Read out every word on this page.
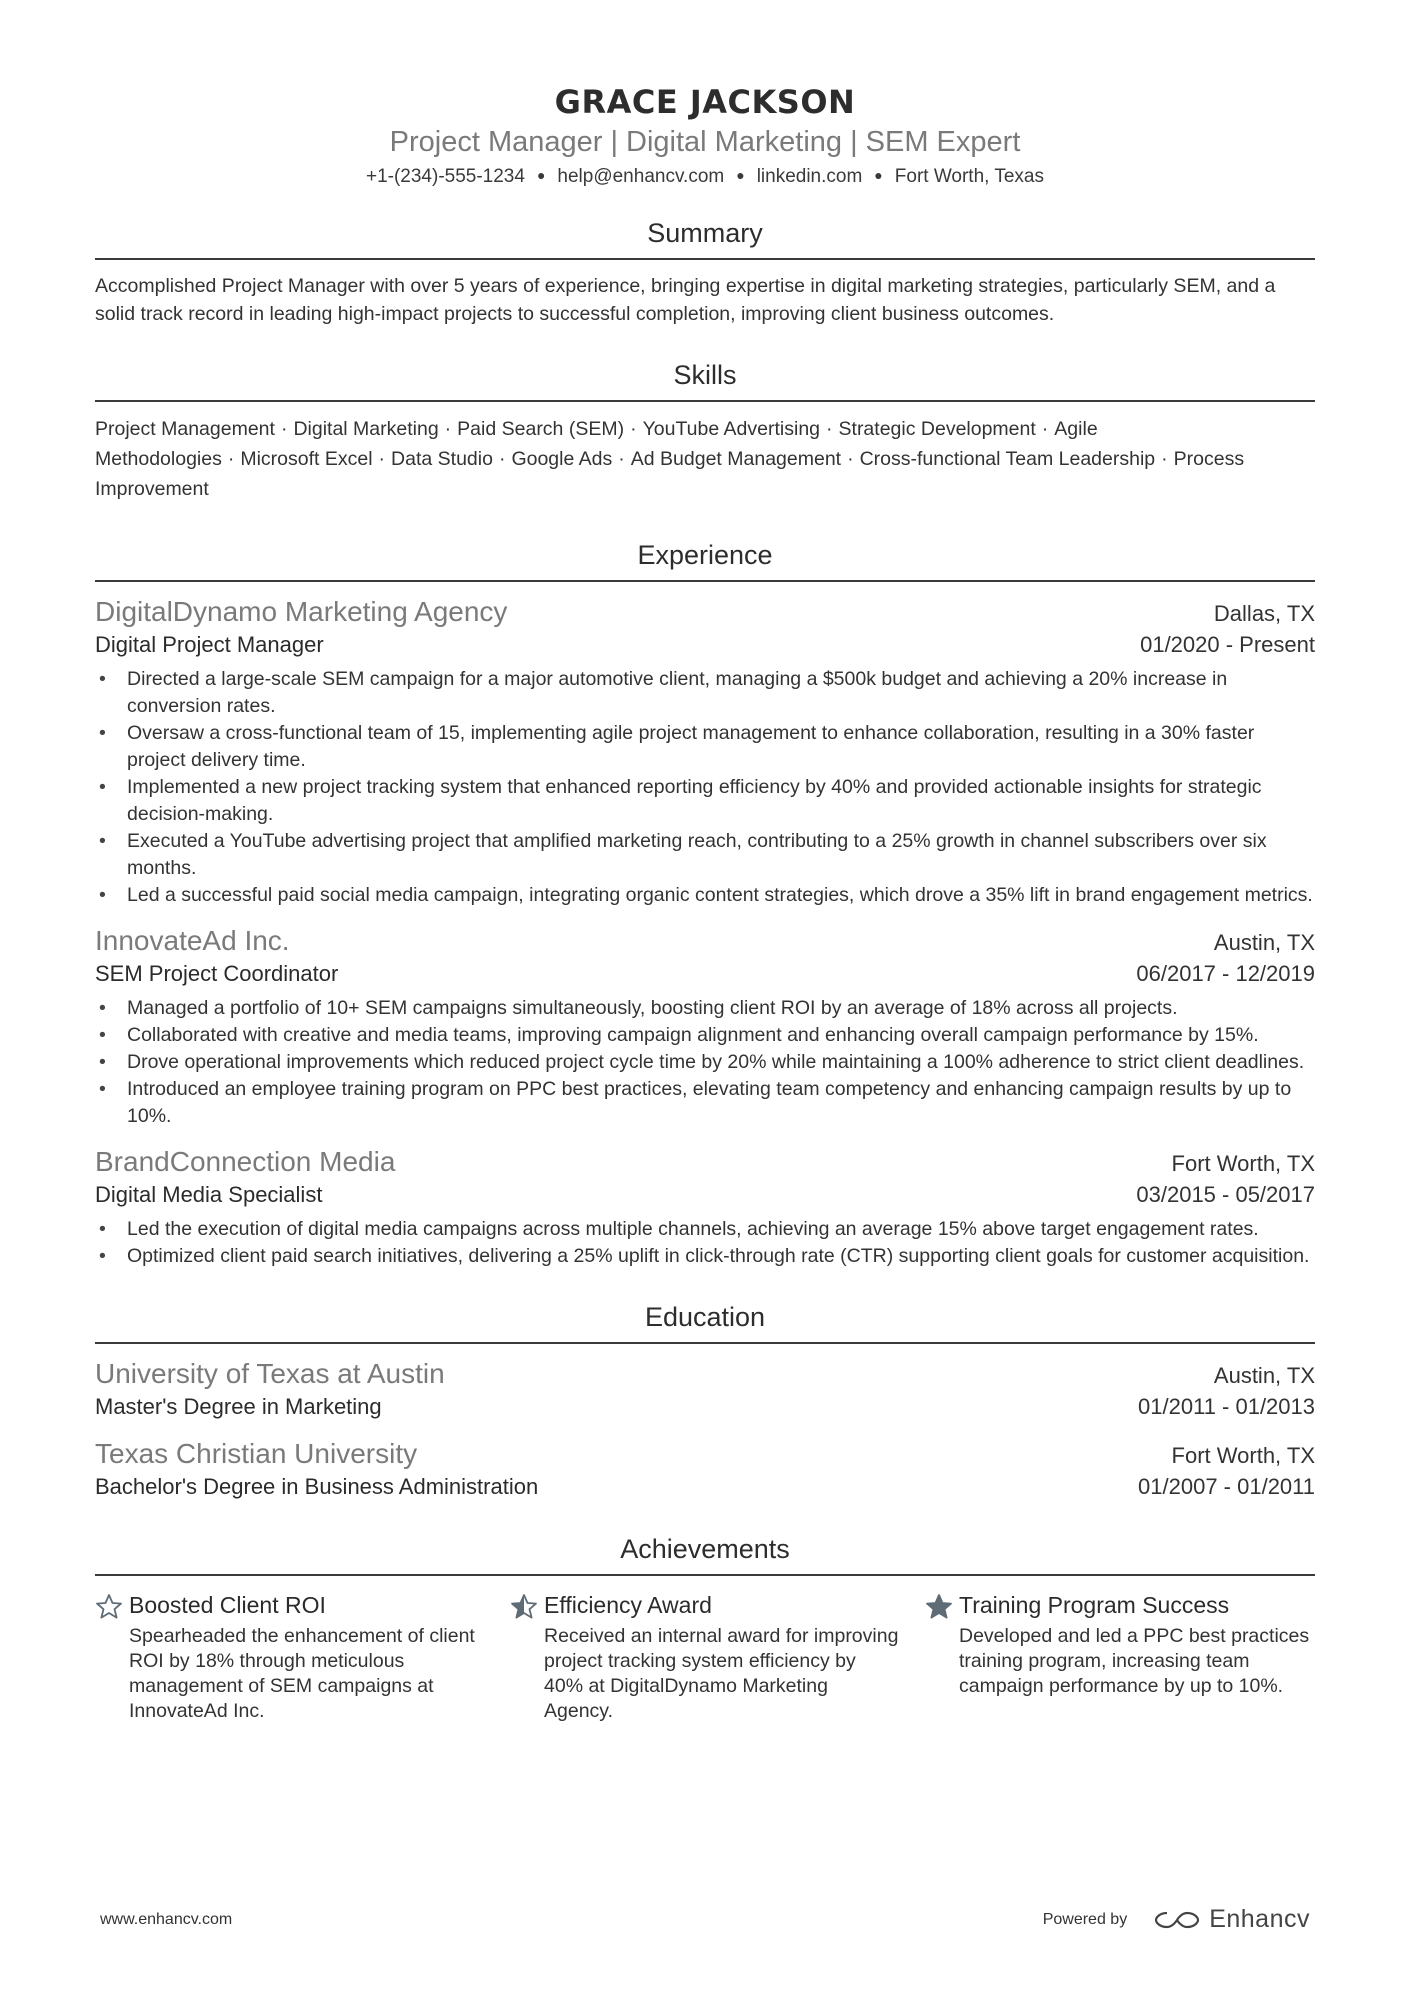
GRACE JACKSON
Project Manager | Digital Marketing | SEM Expert
+1-(234)-555-1234 ● help@enhancv.com ● linkedin.com ● Fort Worth, Texas
Summary
Accomplished Project Manager with over 5 years of experience, bringing expertise in digital marketing strategies, particularly SEM, and a solid track record in leading high-impact projects to successful completion, improving client business outcomes.
Skills
Project Management · Digital Marketing · Paid Search (SEM) · YouTube Advertising · Strategic Development · Agile Methodologies · Microsoft Excel · Data Studio · Google Ads · Ad Budget Management · Cross-functional Team Leadership · Process Improvement
Experience
DigitalDynamo Marketing Agency	Dallas, TX
Digital Project Manager	01/2020 - Present
• Directed a large-scale SEM campaign for a major automotive client, managing a $500k budget and achieving a 20% increase in conversion rates.
• Oversaw a cross-functional team of 15, implementing agile project management to enhance collaboration, resulting in a 30% faster project delivery time.
• Implemented a new project tracking system that enhanced reporting efficiency by 40% and provided actionable insights for strategic decision-making.
• Executed a YouTube advertising project that amplified marketing reach, contributing to a 25% growth in channel subscribers over six months.
• Led a successful paid social media campaign, integrating organic content strategies, which drove a 35% lift in brand engagement metrics.
InnovateAd Inc.	Austin, TX
SEM Project Coordinator	06/2017 - 12/2019
• Managed a portfolio of 10+ SEM campaigns simultaneously, boosting client ROI by an average of 18% across all projects.
• Collaborated with creative and media teams, improving campaign alignment and enhancing overall campaign performance by 15%.
• Drove operational improvements which reduced project cycle time by 20% while maintaining a 100% adherence to strict client deadlines.
• Introduced an employee training program on PPC best practices, elevating team competency and enhancing campaign results by up to 10%.
BrandConnection Media	Fort Worth, TX
Digital Media Specialist	03/2015 - 05/2017
• Led the execution of digital media campaigns across multiple channels, achieving an average 15% above target engagement rates.
• Optimized client paid search initiatives, delivering a 25% uplift in click-through rate (CTR) supporting client goals for customer acquisition.
Education
University of Texas at Austin	Austin, TX
Master's Degree in Marketing	01/2011 - 01/2013
Texas Christian University	Fort Worth, TX
Bachelor's Degree in Business Administration	01/2007 - 01/2011
Achievements
Boosted Client ROI
Spearheaded the enhancement of client ROI by 18% through meticulous management of SEM campaigns at InnovateAd Inc.
Efficiency Award
Received an internal award for improving project tracking system efficiency by 40% at DigitalDynamo Marketing Agency.
Training Program Success
Developed and led a PPC best practices training program, increasing team campaign performance by up to 10%.
www.enhancv.com	Powered by	Enhancv
